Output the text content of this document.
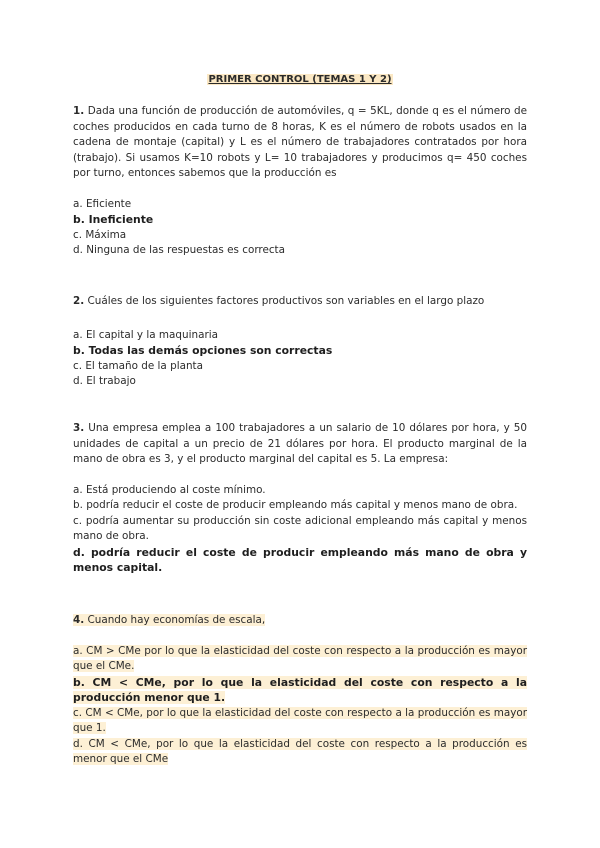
PRIMER CONTROL (TEMAS 1 Y 2)

1. Dada una función de producción de automóviles, q = 5KL, donde q es el número de coches producidos en cada turno de 8 horas, K es el número de robots usados en la cadena de montaje (capital) y L es el número de trabajadores contratados por hora (trabajo). Si usamos K=10 robots y L= 10 trabajadores y producimos q= 450 coches por turno, entonces sabemos que la producción es

a. Eficiente

b. Ineficiente

c. Máxima

d. Ninguna de las respuestas es correcta

2. Cuáles de los siguientes factores productivos son variables en el largo plazo

a. El capital y la maquinaria

b. Todas las demás opciones son correctas

c. El tamaño de la planta

d. El trabajo

3. Una empresa emplea a 100 trabajadores a un salario de 10 dólares por hora, y 50 unidades de capital a un precio de 21 dólares por hora. El producto marginal de la mano de obra es 3, y el producto marginal del capital es 5. La empresa:

a. Está produciendo al coste mínimo.

b. podría reducir el coste de producir empleando más capital y menos mano de obra.

c. podría aumentar su producción sin coste adicional empleando más capital y menos mano de obra.

d. podría reducir el coste de producir empleando más mano de obra y menos capital.

4. Cuando hay economías de escala,

a. CM > CMe por lo que la elasticidad del coste con respecto a la producción es mayor que el CMe.

b. CM < CMe, por lo que la elasticidad del coste con respecto a la producción menor que 1.

c. CM < CMe, por lo que la elasticidad del coste con respecto a la producción es mayor que 1.

d. CM < CMe, por lo que la elasticidad del coste con respecto a la producción es menor que el CMe
